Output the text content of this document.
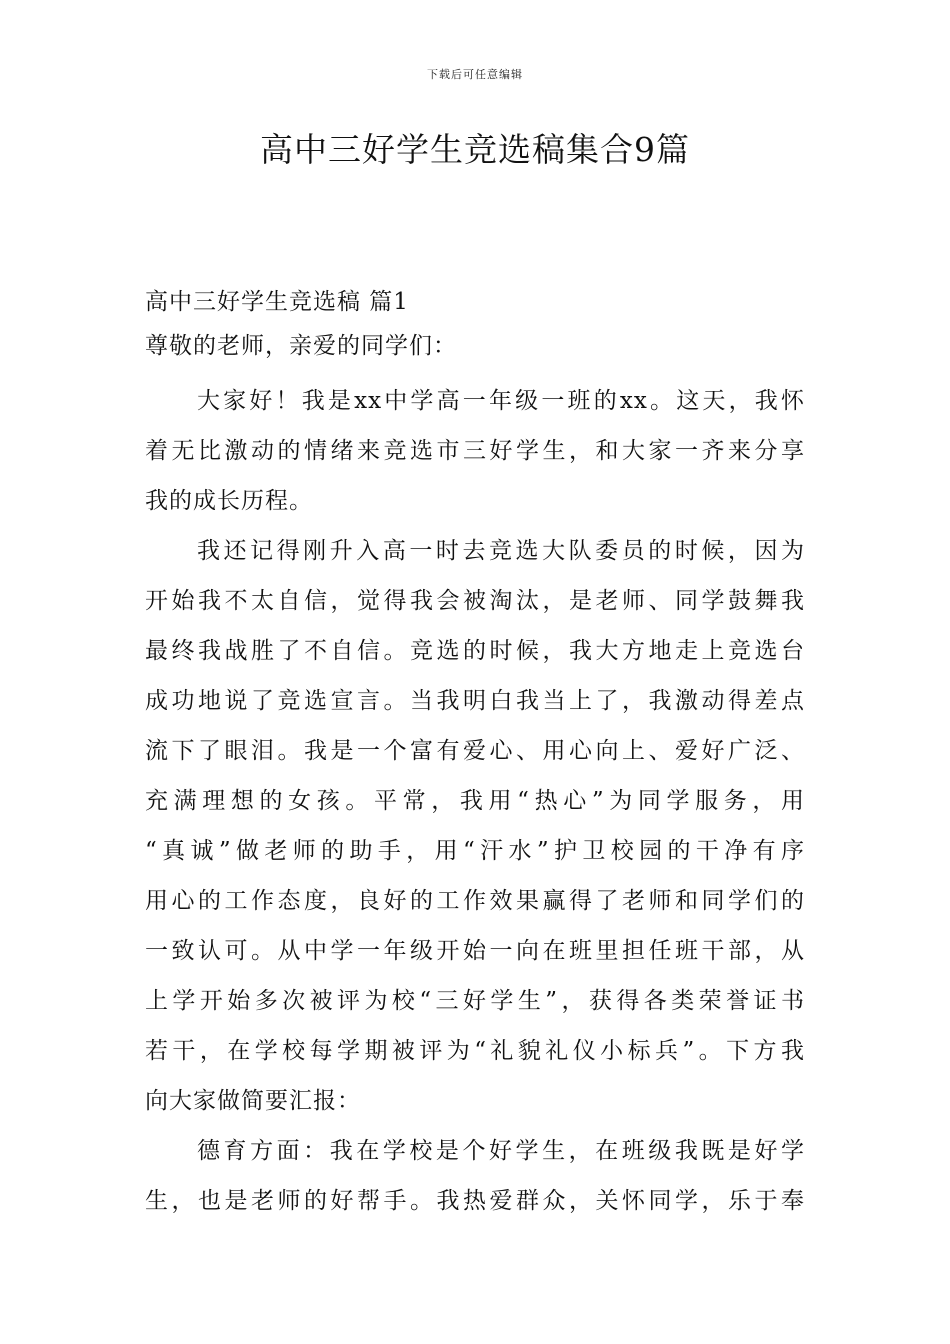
下载后可任意编辑
高中三好学生竞选稿集合9篇
高中三好学生竞选稿 篇1
尊敬的老师，亲爱的同学们：
大家好！我是xx中学高一年级一班的xx。这天，我怀
着无比激动的情绪来竞选市三好学生，和大家一齐来分享
我的成长历程。
我还记得刚升入高一时去竞选大队委员的时候，因为
开始我不太自信，觉得我会被淘汰，是老师、同学鼓舞我
最终我战胜了不自信。竞选的时候，我大方地走上竞选台
成功地说了竞选宣言。当我明白我当上了，我激动得差点
流下了眼泪。我是一个富有爱心、用心向上、爱好广泛、
充满理想的女孩。平常，我用“热心”为同学服务，用
“真诚”做老师的助手，用“汗水”护卫校园的干净有序
用心的工作态度，良好的工作效果赢得了老师和同学们的
一致认可。从中学一年级开始一向在班里担任班干部，从
上学开始多次被评为校“三好学生”，获得各类荣誉证书
若干，在学校每学期被评为“礼貌礼仪小标兵”。下方我
向大家做简要汇报：
德育方面：我在学校是个好学生，在班级我既是好学
生，也是老师的好帮手。我热爱群众，关怀同学，乐于奉
